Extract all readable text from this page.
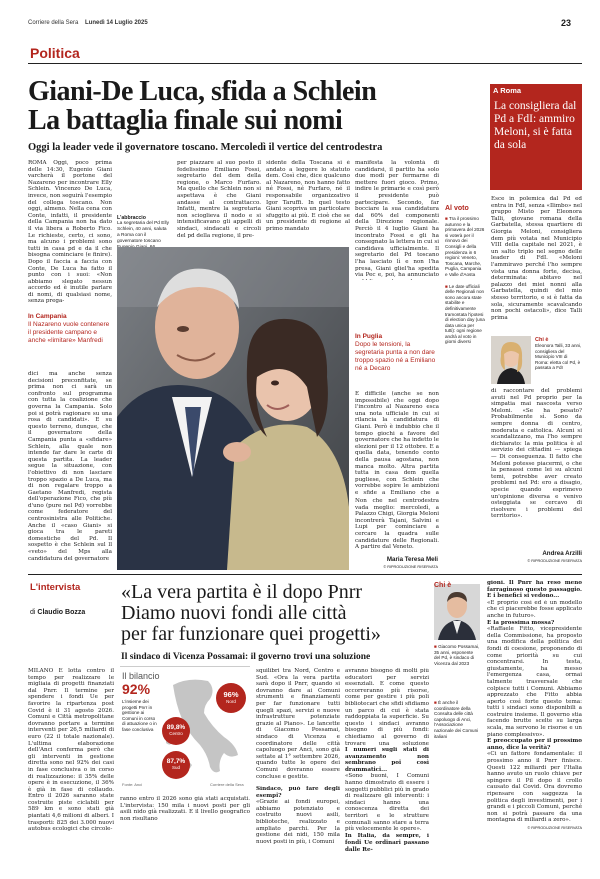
Corriere della Sera Lunedì 14 Luglio 2025	23
Politica
Giani-De Luca, sfida a Schlein
La battaglia finale sui nomi
Oggi la leader vede il governatore toscano. Mercoledì il vertice del centrodestra
ROMA Oggi, poco prima delle 14:30, Eugenio Giani varcherà il portone del Nazareno per incontrare Elly Schlein. Vincenzo De Luca, invece, non seguirà l'esempio del collega toscano. Non oggi, almeno. Nella cena con Conte, infatti, il presidente della Campania non ha dato il via libera a Roberto Fico. Le richieste, certo, ci sono, ma alcuno i problemi sono tutti in casa pd e da il che bisogna cominciare (e finire). Dopo il faccia a faccia con Conte, De Luca ha fatto il punto con i suoi: «Non abbiamo slegato nessun accordo ed è inutile parlare di nomi, di qualsiasi nome, senza prega-
In Campania
Il Nazareno vuole contenere il presidente campano e anche «limitare» Manfredi
dici ma anche senza decisioni preconfitate, se prima non ci sarà un confronto sul programma con tutta la coalizione che governa la Campania. Solo poi si potrà ragionare su una rosa di candidati». E su questo terreno, dunque, che il governatore della Campania punta a «sfidare» Schlein, alla quale non intende far dare le carte di questa partita. La leader segue la situazione, con l'obiettivo di non lasciare troppo spazio a De Luca, ma di non regalare troppo a Gaetano Manfredi, regista dell'operazione Fico, che più d'uno (pure nel Pd) vorrebbe come federatore del centrosinistra alle Politiche. Anche il «caso Giani» si gioca tra le pareti domestiche del Pd. Il sospetto è che Schlein sul ll «veto» del Mps alla candidatura del governatore
L'abbraccio
La segretaria del Pd Elly Schlein, 40 anni, saluta a Roma con il governatore toscano
per piazzare al suo posto il fedelissimo Emiliano Fossi, segretario del dem della regione, o Marco Furfaro. Ma quello che Schlein non si aspettava è che Giani andasse al contrattacco. Infatti, mentre la segretaria non scioglieva il nodo e si intensificavano gli appelli di sindaci, sindacati e circoli del pd della regione, il pre-
sidente della Toscana si è andato a leggere lo statuto dem. Così che, dice qualcuno al Nazareno, non hanno fatto né Fossi, né Furfaro, né il responsabile organizzativo Igor Taruffi. In quel testo Giani scopriva un particolare sfuggito ai più. E cioè che se un presidente di regione al primo mandato
manifesta la volontà di candidarsi, il partito ha solo due modi per fermarne di mettere fuori gioco. Primo, indire le primarie e così però il presidente può partecipare. Secondo, far bocciare la sua candidatura dal 60% del componenti della Direzione regionale. Perciò il 4 luglio Giani ha incontrato Fossi e gli ha consegnato la lettera in cui si candidava ufficialmente. Il segretario del Pd toscano l'ha lasciato lì e non l'ha presa, Giani gliel'ha spedita via Pec e, poi, ha annunciato
In Puglia
Dopo le tensioni, la segretaria punta a non dare troppo spazio né a Emiliano né a Decaro
È difficile (anche se non impossibile) che oggi dopo l'incontro al Nazareno esca una nota ufficiale in cui si rilancia la candidatura di Giani. Però è indubbio che il tempo giochi a favore del governatore che ha indetto le elezioni per il 12 ottobre. E a quella data, tenendo conto della pausa agostana, non manca molto. Altra partita tutta in casa dem quella pugliese, con Schlein che vorrebbe sopire le ambizioni e sfide a Emiliano che a
Non che nel centrodestra vada meglio: mercoledì, a Palazzo Chigi, Giorgia Meloni incontrerà Tajani, Salvini e Lupi per cominciare a cercare la quadra sulle candidature delle Regionali. A partire dal Veneto.
Maria Teresa Meli
© RIPRODUZIONE RISERVATA
Al voto
■ Tra il prossimo autunno e la primavera del 2026 si voterà per il rinnovo dei Consigli e della presidenza in 6 regioni: Veneto, Toscana, Marche, Puglia, Campania e Valle d'Aosta
■ Le date ufficiali delle Regionali non sono ancora state stabilite e definitivamente tramontata l'ipotesi di election day (una data unica per tutti): ogni regione andrà al voto in giorni diversi
A Roma
La consigliera dal Pd a FdI: ammiro Meloni, si è fatta da sola
Esce in polemica dal Pd ed entra in FdI, senza «Ilimbo» nel gruppo Misto per Eleonora Talli, giovane romana della Garbatella, stessa quartiere di Giorgia Meloni, consigliera dem più votata nel Municipio VIII della capitale nel 2021, è un salto triplo nel segno delle leader di FdI. «Meloni l'ammiravo perché l'ho sempre vista una donna forte, decisa, determinata: abitavo nel palazzo dei miei nonni alla Garbatella, quindi del mio stesso territorio, e si è fatta da sola, sicuramente scavalcando non pochi ostacoli», dice Talli prima
Chi è
Eleonora Talli, 33 anni, consigliera del Municipio VIII di Roma: eletta col Pd, è passata a FdI
di raccontare del problemi avuti nel Pd proprio per la simpatia mai nascosta verso Meloni. «Se ha pesato? Probabilmente sì. Sono da sempre donna di centro, moderata e cattolica. Alcuni si scandalizzano, ma l'ho sempre dichiarato: la mia politica è al servizio dei cittadini — spiega — Di conseguenza. Il fatto che Meloni potesse piacermi, o che la pensassi come lei su alcuni temi, potrebbe aver creato problemi nel Pd: ero a disagio, specie quando esprimevo un'opinione diversa e venivo osteggiata se cercavo di risolvere i problemi del territorio».
Andrea Arzilli
© RIPRODUZIONE RISERVATA
L'intervista
di Claudio Bozza
«La vera partita è il dopo Pnrr
Diamo nuovi fondi alle città
per far funzionare quei progetti»
Il sindaco di Vicenza Possamai: il governo trovi una soluzione
MILANO È lotta contro il tempo per realizzare le migliaia di progetti finanziati dal Pnrr. Il termine per spendere i fondi Ue per favorire la ripartenza post Covid è il 31 agosto 2026. Comuni e Città metropolitane dovranno portare a termine interventi per 26,5 miliardi di euro (22 il totale nazionale). L'ultima elaborazione dell'Anci conferma però che gli interventi in gestione diretta sono nel 92% dei casi in fase conclusiva o in corso di realizzazione: il 35% delle opere è in esecuzione, il 36% è già in fase di collaudo. Entro il 2026 saranno state costruite piste ciclabili per 589 km e sono stati già piantati 4,6 milioni di alberi. I trasporti: 825 dei 3.000 nuovi autobus ecologici che circole-
Il bilancio
92%
L'insieme dei progetti Pnrr in gestione ai Comuni in corso di attuazione o in fase conclusiva
96%
Nord
89,8%
Centro
87,7%
Sud
Fonte: Anci	Corriere della Sera
ranno entro il 2026 sono già stati acquistati. L'intervista: 150 mila i nuovi posti per gli asili nido già realizzati. E il livello geografico non risultano
squilibri tra Nord, Centro e Sud. «Ora la vera partita sarà dopo il Pnrr, quando si dovranno dare ai Comuni strumenti e finanziamenti per far funzionare tutti quegli spazi, servizi e nuove infrastrutture potenziate grazie al Piano». Le lancette di Giacomo Possamai, sindaco di Vicenza e coordinatore delle città capoluogo per Anci, sono già settate al 1° settembre 2026, quando tutte le opere dei Comuni dovranno essere concluse e gestite.
Sindaco, può fare degli esempi?
«Grazie ai fondi europei, abbiamo potenziato e costruito nuovi asili, biblioteche, realizzato e ampliato parchi. Per la gestione dei nidi, 150 mila nuovi posti in più, i Comuni
avranno bisogno di molti più educatori per servizi essenziali. E come questo occorreranno più risorse, come per gestire i più poli bibliotecari che sfidi sfidiamo un parco di cui è stata raddoppiata la superficie. Su questo i sindaci avranno bisogno di più fondi: chiediamo al governo di trovare una soluzione
I numeri sugli stati di avanzamento non sembrano poi così drammatici...
«Sono buoni, I Comuni hanno dimostrato di essere i soggetti pubblici più in grado di realizzare gli interventi: i sindaci hanno una conoscenza diretta dei territori e le strutture comunali sanno stare a terra più velocemente le opere».
In Italia, da sempre, i fondi Ue ordinari passano dalle Re-
Chi è
■ Giacomo Possamai, 35 anni, esponente del Pd, è sindaco di Vicenza dal 2023
■ È anche il coordinatore della Consulta delle città capoluogo di Anci, l'Associazione nazionale dei Comuni italiani
gioni. Il Pnrr ha reso meno farraginoso questo passaggio. E i benefici si vedono...
«È proprio così ed è un modello che ci piacerebbe fosse applicato anche in futuro».
E la prossima mossa?
«Raffaele Fitto, vicepresidente della Commissione, ha proposto una modifica della politica dei fondi di coesione, proponendo di come priorità su cui concentrarsi. In testa, giustamente, ha messo l'emergenza casa, ormai talmente trasversale che colpisce tutti i Comuni. Abbiamo apprezzato che Fitto abbia aperto così forte questo tema: tutti i sindaci sono disponibili a costruire insieme. Il governo stia facendo brutte scelte su larga scala, ma servono le risorse e un piano complessivo».
E preoccupato per il prossimo anno, dice la verità?
«Ci un fattore fondamentale: il prossimo anno il Pnrr finisce. Questi 122 miliardi per l'Italia hanno avuto un ruolo chiave per spingere il Pil dopo il crollo causato dal Covid. Ora dovremo ripensare con saggezza la politica degli investimenti, per i grandi e i piccoli Comuni, perché non si potrà passare da una montagna di miliardi a zero».
© RIPRODUZIONE RISERVATA
